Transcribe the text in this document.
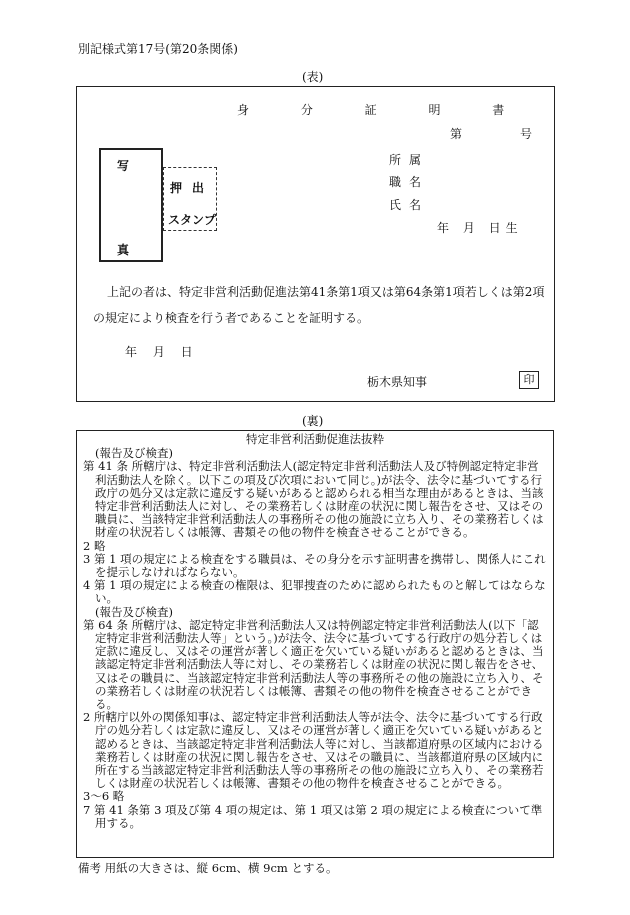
別記様式第17号(第20条関係)
(表)
身 分 証 明 書
第	号
写
真
押出
スタンプ
所属
職名
氏名
年 月 日生
上記の者は、特定非営利活動促進法第41条第1項又は第64条第1項若しくは第2項の規定により検査を行う者であることを証明する。
年 月 日
栃木県知事	印
(裏)
特定非営利活動促進法抜粋
(報告及び検査)
第 41 条 所轄庁は、特定非営利活動法人(認定特定非営利活動法人及び特例認定特定非営利活動法人を除く。以下この項及び次項において同じ。)が法令、法令に基づいてする行政庁の処分又は定款に違反する疑いがあると認められる相当な理由があるときは、当該特定非営利活動法人に対し、その業務若しくは財産の状況に関し報告をさせ、又はその職員に、当該特定非営利活動法人の事務所その他の施設に立ち入り、その業務若しくは財産の状況若しくは帳簿、書類その他の物件を検査させることができる。
2 略
3 第 1 項の規定による検査をする職員は、その身分を示す証明書を携帯し、関係人にこれを提示しなければならない。
4 第 1 項の規定による検査の権限は、犯罪捜査のために認められたものと解してはならない。
(報告及び検査)
第 64 条 所轄庁は、認定特定非営利活動法人又は特例認定特定非営利活動法人(以下「認定特定非営利活動法人等」という。)が法令、法令に基づいてする行政庁の処分若しくは定款に違反し、又はその運営が著しく適正を欠いている疑いがあると認めるときは、当該認定特定非営利活動法人等に対し、その業務若しくは財産の状況に関し報告をさせ、又はその職員に、当該認定特定非営利活動法人等の事務所その他の施設に立ち入り、その業務若しくは財産の状況若しくは帳簿、書類その他の物件を検査させることができる。
2 所轄庁以外の関係知事は、認定特定非営利活動法人等が法令、法令に基づいてする行政庁の処分若しくは定款に違反し、又はその運営が著しく適正を欠いている疑いがあると認めるときは、当該認定特定非営利活動法人等に対し、当該都道府県の区域内における業務若しくは財産の状況に関し報告をさせ、又はその職員に、当該都道府県の区域内に所在する当該認定特定非営利活動法人等の事務所その他の施設に立ち入り、その業務若しくは財産の状況若しくは帳簿、書類その他の物件を検査させることができる。
3〜6 略
7 第 41 条第 3 項及び第 4 項の規定は、第 1 項又は第 2 項の規定による検査について準用する。
備考 用紙の大きさは、縦 6cm、横 9cm とする。
